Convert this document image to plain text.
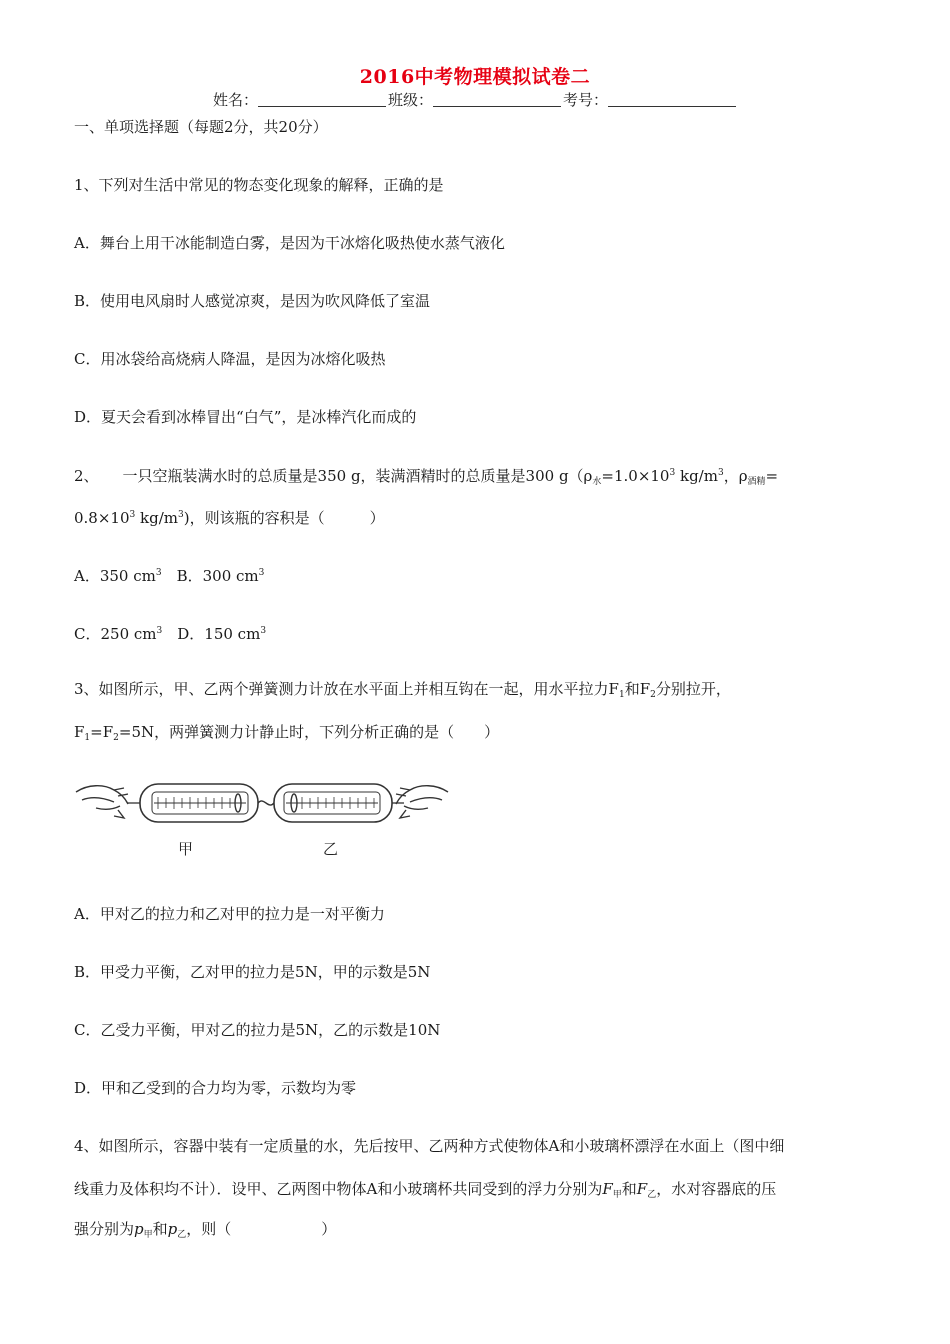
2016中考物理模拟试卷二
姓名：	班级：	考号：
一、单项选择题（每题2分，共20分）
1、下列对生活中常见的物态变化现象的解释，正确的是
A．舞台上用干冰能制造白雾，是因为干冰熔化吸热使水蒸气液化
B．使用电风扇时人感觉凉爽，是因为吹风降低了室温
C．用冰袋给高烧病人降温，是因为冰熔化吸热
D．夏天会看到冰棒冒出“白气”，是冰棒汽化而成的
2、 一只空瓶装满水时的总质量是350 g，装满酒精时的总质量是300 $g(\rho_水=1.0\times 10^3$ $kg/m^3$，$\rho_{酒精}=$
$0.8\times 10^3$ $kg/m^3$)，则该瓶的容积是（　　　）
A．350 $cm^3$　B．300 $cm^3$
C．250 $cm^3$　D．150 $cm^3$
3、如图所示，甲、乙两个弹簧测力计放在水平面上并相互钩在一起，用水平拉力$F_1$和$F_2$分别拉开，
$F_1=F_2=5N$，两弹簧测力计静止时，下列分析正确的是（　　）
甲	乙
A．甲对乙的拉力和乙对甲的拉力是一对平衡力
B．甲受力平衡，乙对甲的拉力是5N，甲的示数是5N
C．乙受力平衡，甲对乙的拉力是5N，乙的示数是10N
D．甲和乙受到的合力均为零，示数均为零
4、如图所示，容器中装有一定质量的水，先后按甲、乙两种方式使物体A和小玻璃杯漂浮在水面上（图中细
线重力及体积均不计）．设甲、乙两图中物体A和小玻璃杯共同受到的浮力分别为$F_甲$和$F_乙$，水对容器底的压
强分别为$p_甲$和$p_乙$，则（　　　　　　）
